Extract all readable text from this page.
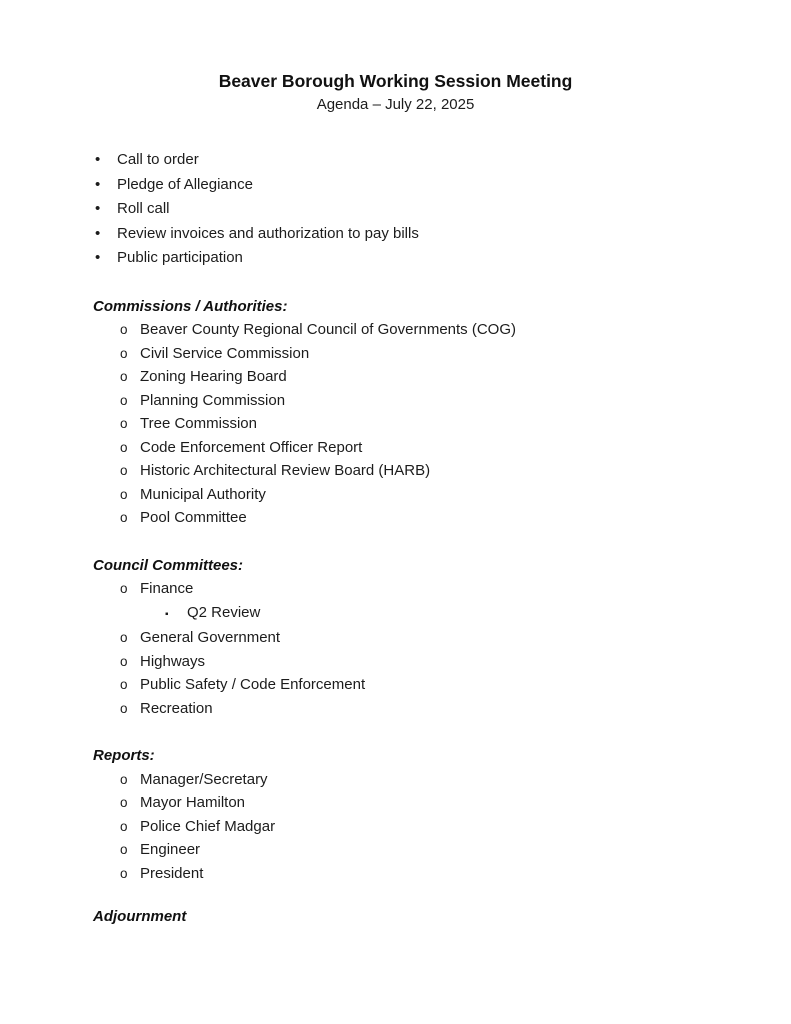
Beaver Borough Working Session Meeting
Agenda – July 22, 2025
•	Call to order
•	Pledge of Allegiance
•	Roll call
•	Review invoices and authorization to pay bills
•	Public participation
Commissions / Authorities:
o Beaver County Regional Council of Governments (COG)
o Civil Service Commission
o Zoning Hearing Board
o Planning Commission
o Tree Commission
o Code Enforcement Officer Report
o Historic Architectural Review Board (HARB)
o Municipal Authority
o Pool Committee
Council Committees:
o Finance
▪	Q2 Review
o General Government
o Highways
o Public Safety / Code Enforcement
o Recreation
Reports:
o Manager/Secretary
o Mayor Hamilton
o Police Chief Madgar
o Engineer
o President

Adjournment
